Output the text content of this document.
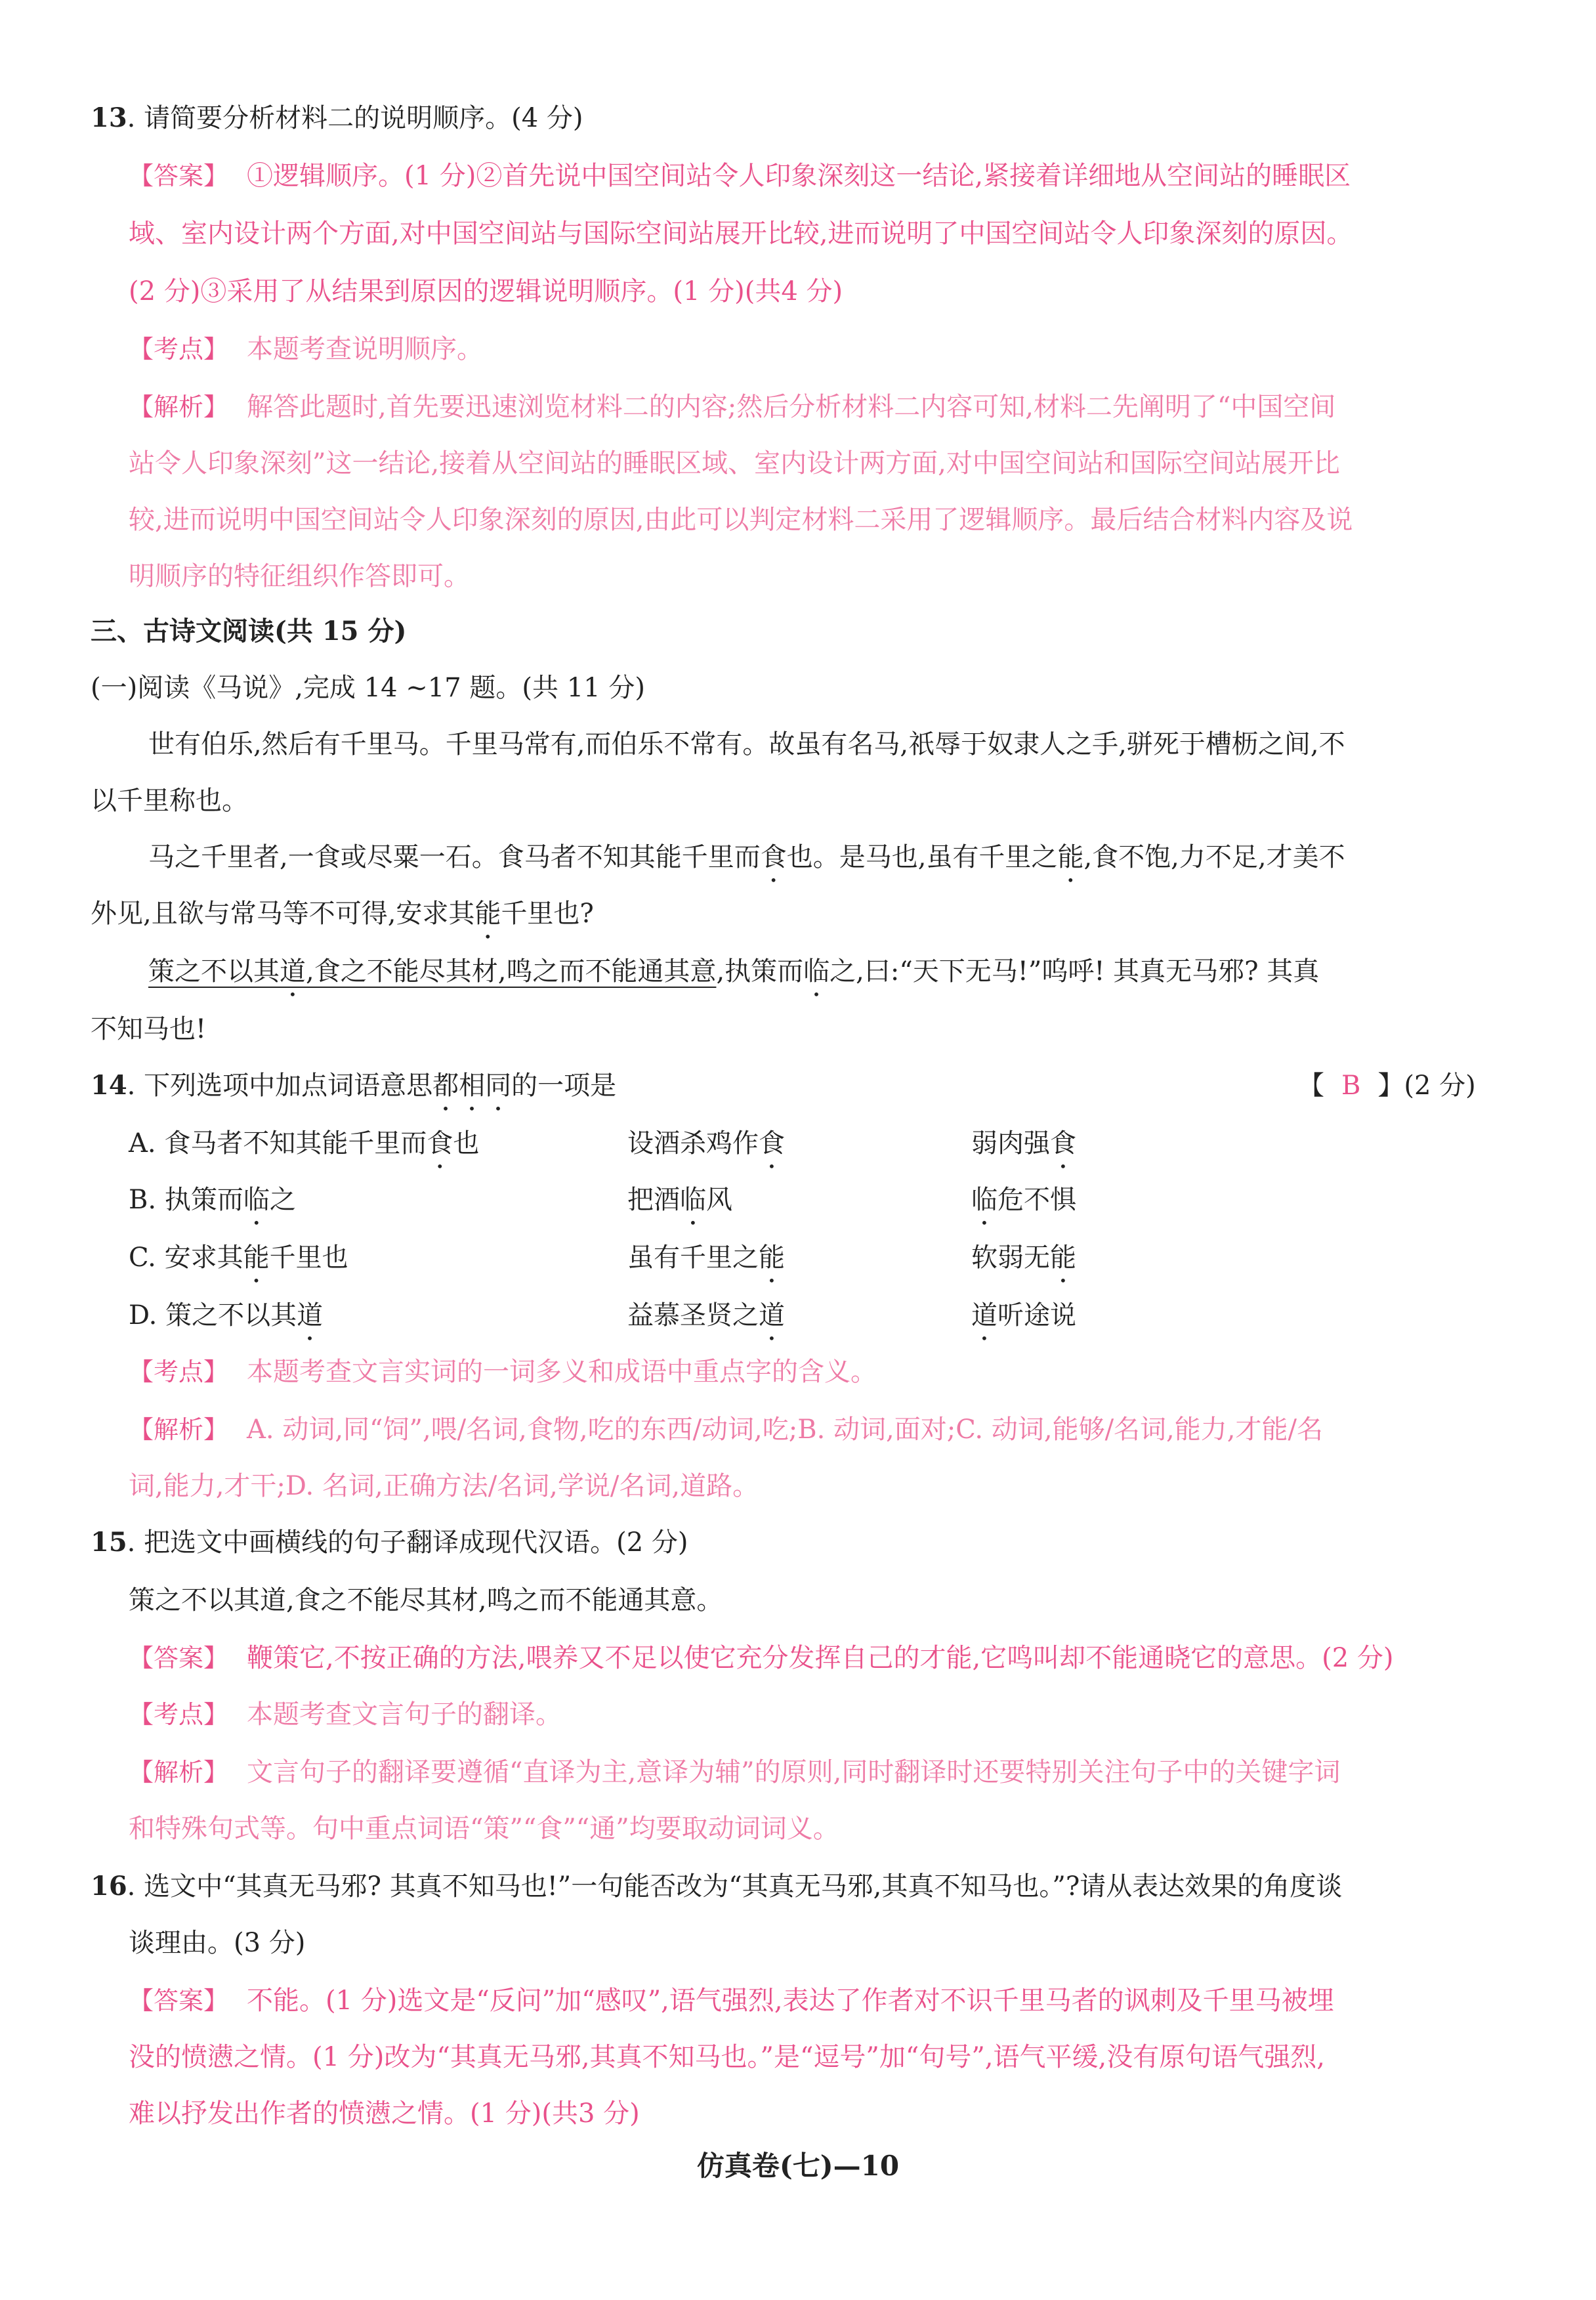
13. 请简要分析材料二的说明顺序。(4 分)
【答案】 ①逻辑顺序。(1 分)②首先说中国空间站令人印象深刻这一结论,紧接着详细地从空间站的睡眠区
域、室内设计两个方面,对中国空间站与国际空间站展开比较,进而说明了中国空间站令人印象深刻的原因。
(2 分)③采用了从结果到原因的逻辑说明顺序。(1 分)(共4 分)
【考点】 本题考查说明顺序。
【解析】 解答此题时,首先要迅速浏览材料二的内容;然后分析材料二内容可知,材料二先阐明了“中国空间
站令人印象深刻”这一结论,接着从空间站的睡眠区域、室内设计两方面,对中国空间站和国际空间站展开比
较,进而说明中国空间站令人印象深刻的原因,由此可以判定材料二采用了逻辑顺序。最后结合材料内容及说
明顺序的特征组织作答即可。
三、古诗文阅读(共 15 分)
(一)阅读《马说》,完成 14 ~17 题。(共 11 分)
世有伯乐,然后有千里马。千里马常有,而伯乐不常有。故虽有名马,祇辱于奴隶人之手,骈死于槽枥之间,不
以千里称也。
马之千里者,一食或尽粟一石。食马者不知其能千里而食也。是马也,虽有千里之能,食不饱,力不足,才美不
外见,且欲与常马等不可得,安求其能千里也?
策之不以其道,食之不能尽其材,鸣之而不能通其意,执策而临之,曰:“天下无马!”呜呼! 其真无马邪? 其真
不知马也!
14. 下列选项中加点词语意思都相同的一项是	【 B 】(2 分)
A. 食马者不知其能千里而食也	设酒杀鸡作食	弱肉强食
B. 执策而临之	把酒临风	临危不惧
C. 安求其能千里也	虽有千里之能	软弱无能
D. 策之不以其道	益慕圣贤之道	道听途说
【考点】 本题考查文言实词的一词多义和成语中重点字的含义。
【解析】 A. 动词,同“饲”,喂/名词,食物,吃的东西/动词,吃;B. 动词,面对;C. 动词,能够/名词,能力,才能/名
词,能力,才干;D. 名词,正确方法/名词,学说/名词,道路。
15. 把选文中画横线的句子翻译成现代汉语。(2 分)
策之不以其道,食之不能尽其材,鸣之而不能通其意。
【答案】 鞭策它,不按正确的方法,喂养又不足以使它充分发挥自己的才能,它鸣叫却不能通晓它的意思。(2 分)
【考点】 本题考查文言句子的翻译。
【解析】 文言句子的翻译要遵循“直译为主,意译为辅”的原则,同时翻译时还要特别关注句子中的关键字词
和特殊句式等。句中重点词语“策”“食”“通”均要取动词词义。
16. 选文中“其真无马邪? 其真不知马也!”一句能否改为“其真无马邪,其真不知马也。”?请从表达效果的角度谈
谈理由。(3 分)
【答案】 不能。(1 分)选文是“反问”加“感叹”,语气强烈,表达了作者对不识千里马者的讽刺及千里马被埋
没的愤懑之情。(1 分)改为“其真无马邪,其真不知马也。”是“逗号”加“句号”,语气平缓,没有原句语气强烈,
难以抒发出作者的愤懑之情。(1 分)(共3 分)
仿真卷(七)—10
